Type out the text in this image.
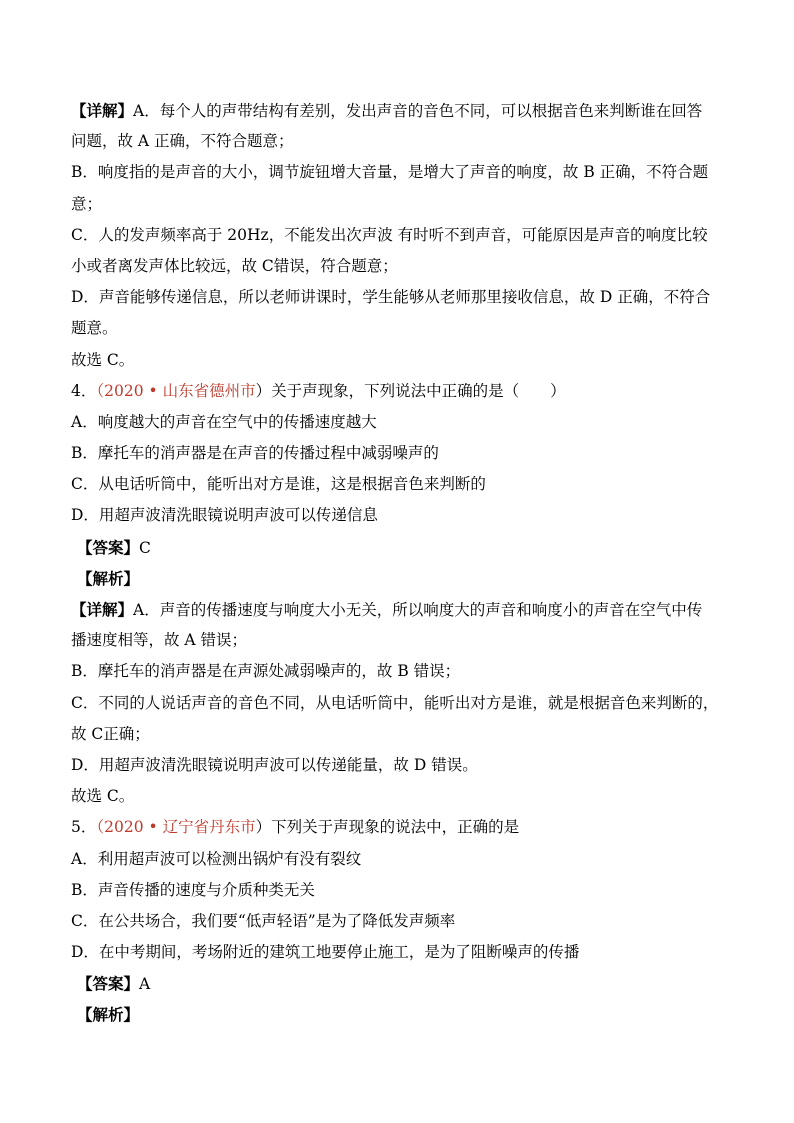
【详解】A．每个人的声带结构有差别，发出声音的音色不同，可以根据音色来判断谁在回答
问题，故 A 正确，不符合题意；
B．响度指的是声音的大小，调节旋钮增大音量，是增大了声音的响度，故 B 正确，不符合题
意；
C．人的发声频率高于 20Hz，不能发出次声波 有时听不到声音，可能原因是声音的响度比较
小或者离发声体比较远，故 C错误，符合题意；
D．声音能够传递信息，所以老师讲课时，学生能够从老师那里接收信息，故 D 正确，不符合
题意。
故选 C。
4．（2020 • 山东省德州市）关于声现象，下列说法中正确的是（　　）
A．响度越大的声音在空气中的传播速度越大
B．摩托车的消声器是在声音的传播过程中减弱噪声的
C．从电话听筒中，能听出对方是谁，这是根据音色来判断的
D．用超声波清洗眼镜说明声波可以传递信息
【答案】C
【解析】
【详解】A．声音的传播速度与响度大小无关，所以响度大的声音和响度小的声音在空气中传
播速度相等，故 A 错误；
B．摩托车的消声器是在声源处减弱噪声的，故 B 错误；
C．不同的人说话声音的音色不同，从电话听筒中，能听出对方是谁，就是根据音色来判断的，
故 C正确；
D．用超声波清洗眼镜说明声波可以传递能量，故 D 错误。
故选 C。
5．（2020 • 辽宁省丹东市）下列关于声现象的说法中，正确的是
A．利用超声波可以检测出锅炉有没有裂纹
B．声音传播的速度与介质种类无关
C．在公共场合，我们要“低声轻语”是为了降低发声频率
D．在中考期间，考场附近的建筑工地要停止施工，是为了阻断噪声的传播
【答案】A
【解析】
